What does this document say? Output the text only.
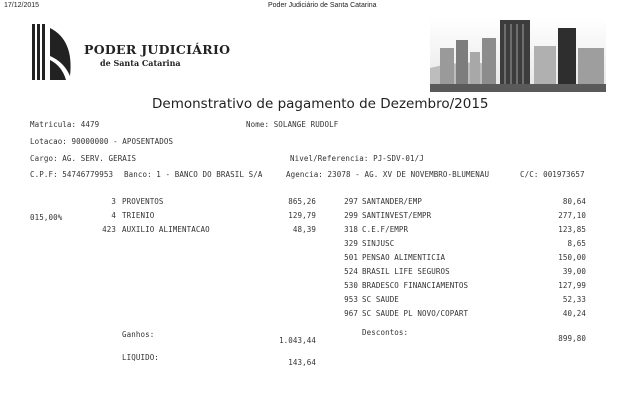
17/12/2015	Poder Judiciário de Santa Catarina
PODER JUDICIÁRIO
de Santa Catarina
Demonstrativo de pagamento de Dezembro/2015
Matricula: 4479	Nome: SOLANGE RUDOLF
Lotacao: 90000000 - APOSENTADOS
Cargo: AG. SERV. GERAIS	Nivel/Referencia: PJ-SDV-01/J
C.P.F: 54746779953 Banco: 1 - BANCO DO BRASIL S/A	Agencia: 23078 - AG. XV DE NOVEMBRO-BLUMENAU	C/C: 001973657
015,00%
3 PROVENTOS	865,26
4 TRIENIO	129,79
423 AUXILIO ALIMENTACAO	48,39
297 SANTANDER/EMP	80,64
299 SANTINVEST/EMPR	277,10
318 C.E.F/EMPR	123,85
329 SINJUSC	8,65
501 PENSAO ALIMENTICIA	150,00
524 BRASIL LIFE SEGUROS	39,00
530 BRADESCO FINANCIAMENTOS	127,99
953 SC SAUDE	52,33
967 SC SAUDE PL NOVO/COPART	40,24
Ganhos:
1.043,44
Descontos:
899,80
LIQUIDO:
143,64
